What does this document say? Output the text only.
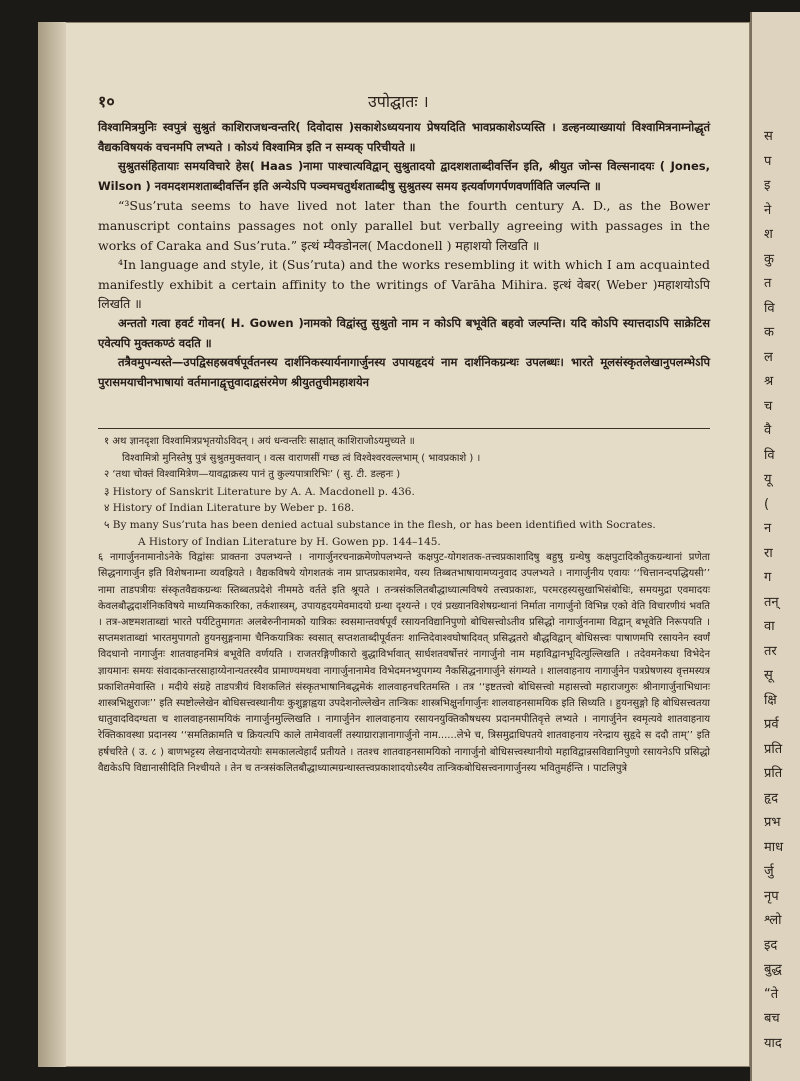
स
प
इ
ने
श
कु
त
वि
क
ल
श्र
च
वै
वि
यू
(
न
रा
ग
तन्
वा
तर
सू
क्षि
प्रर्व
प्रति
प्रति
हृद
प्रभ
माध
र्जु
नृप
श्लो
इद
बुद्ध
“ते
बच
याद
१०	उपोद्घातः ।

विश्वामित्रमुनिः स्वपुत्रं सुश्रुतं काशिराजधन्वन्तरि( दिवोदास )सकाशेऽध्ययनाय प्रेषयदिति भावप्रकाशेऽप्यस्ति । डल्हनव्याख्यायां विश्वामित्रनाम्नोद्धृतं वैद्यकविषयकं वचनमपि लभ्यते । कोऽयं विश्वामित्र इति न सम्यक् परिचीयते ॥

सुश्रुतसंहितायाः समयविचारे हेस( Haas )नामा पाश्चात्यविद्वान् सुश्रुतादयो द्वादशशताब्दीवर्त्तिन इति, श्रीयुत जोन्स विल्सनादयः ( Jones, Wilson ) नवमदशमशताब्दीवर्त्तिन इति अन्येऽपि पञ्चमचतुर्थशताब्दीषु सुश्रुतस्य समय इत्यर्वाणगर्पणवर्णाविति जल्पन्ति ॥

“³Sus’ruta seems to have lived not later than the fourth century A. D., as the Bower manuscript contains passages not only parallel but verbally agreeing with passages in the works of Caraka and Sus’ruta.” इत्थं म्यैक्डोनल( Macdonell ) महाशयो लिखति ॥

⁴In language and style, it (Sus’ruta) and the works resembling it with which I am acquainted manifestly exhibit a certain affinity to the writings of Varāha Mihira. इत्थं वेबर( Weber )महाशयोऽपि लिखति ॥

अन्ततो गत्वा हवर्ट गोवन( H. Gowen )नामको विद्वांस्तु सुश्रुतो नाम न कोऽपि बभूवेति बहवो जल्पन्ति। यदि कोऽपि स्यात्तदाऽपि साक्रेटिस एवेत्यपि मुक्तकण्ठं वदति ॥

तत्रैवमुपन्यस्ते—उपद्विसहस्रवर्षपूर्वतनस्य दार्शनिकस्यार्यनागार्जुनस्य उपायहृदयं नाम दार्शनिकग्रन्थः उपलब्धः। भारते मूलसंस्कृतलेखानुपलम्भेऽपि पुरासमयाचीनभाषायां वर्तमानाद्वृत्तुवादाद्वसंरमेण श्रीयुततुचीमहाशयेन

१ अथ ज्ञानदृशा विश्वामित्रप्रभृतयोऽविदन् । अयं धन्वन्तरिः साक्षात् काशिराजोऽयमुच्यते ॥

विश्वामित्रो मुनिस्तेषु पुत्रं सुश्रुतमुक्तवान् । वत्स वाराणसीं गच्छ त्वं विश्वेश्वरवल्लभाम् ( भावप्रकाशे ) ।

२ ‘तथा चोक्तं विश्वामित्रेण—यावद्वाक्रस्य पानं तु कुल्यपात्रारिभिः’ ( सु. टी. डल्हनः )

३ History of Sanskrit Literature by A. A. Macdonell p. 436.

४ History of Indian Literature by Weber p. 168.

५ By many Sus’ruta has been denied actual substance in the flesh, or has been identified with Socrates.

A History of Indian Literature by H. Gowen pp. 144–145.

६ नागार्जुननामानोऽनेके विद्वांसः प्राक्तना उपलभ्यन्ते । नागार्जुनरचनाक्रमेणोपलभ्यन्ते कक्षपुट-योगशतक-तत्त्वप्रकाशादिषु बहुषु ग्रन्थेषु कक्षपुटादिकौतुकग्रन्थानां प्रणेता सिद्धनागार्जुन इति विशेषनाम्ना व्यवह्रियते । वैद्यकविषये योगशतकं नाम प्राप्तप्रकाशमेव, यस्य तिब्बतभाषायामप्यनुवाद उपलभ्यते । नागार्जुनीय एवायः ‘‘चित्तानन्दपद्धियसी’’ नामा ताडपत्रीयः संस्कृतवैद्यकग्रन्थः स्तिब्बतप्रदेशे नीममठे वर्तते इति श्रूयते । तन्त्रसंकलितबौद्धाध्यात्मविषये तत्त्वप्रकाशः, परमरहस्यसुखाभिसंबोधिः, समयमुद्रा एवमादयः केवलबौद्धदार्शनिकविषये माध्यमिककारिका, तर्कशास्त्रम्, उपायहृदयमेवमादयो ग्रन्था दृश्यन्ते । एवं प्रख्यानविशेषग्रन्थानां निर्माता नागार्जुनो विभिन्न एको वेति विचारणीयं भवति । तत्र-अष्टमशताब्द्यां भारते पर्यटितुमागतः अलबेरुनीनामको यात्रिकः स्वसमान्तवर्षपूर्वं रसायनविद्यानिपुणो बोधिसत्त्वोऽतीव प्रसिद्धो नागार्जुननामा विद्वान् बभूवेति निरूपयति । सप्तमशताब्द्यां भारतमुपागतो हुयनसुङ्गनामा चैनिकयात्रिकः स्वसात् सप्तशताब्दीपूर्वतनः शान्तिदेवाश्वघोषादिवत् प्रसिद्धतरो बौद्धविद्वान् बोधिसत्त्वः पाषाणमपि रसायनेन स्वर्णं विदधानो नागार्जुनः शातवाहनमित्रं बभूवेति वर्णयति । राजतरङ्गिणीकारो बुद्धाविर्भावात् सार्धशतवर्षोत्तरं नागार्जुनो नाम महाविद्वानभूदित्युल्लिखति । तदेवमनेकधा विभेदेन ज्ञायमानः समयः संवादकान्तरसाहाय्येनान्यतरस्यैव प्रामाण्यमथवा नागार्जुनानामेव विभेदमनभ्युपगम्य नैकसिद्धनागार्जुने संगम्यते । शालवाहनाय नागार्जुनेन पत्रप्रेषणस्य वृत्तमस्यत्र प्रकाशितमेवास्ति । मदीये संग्रहे ताडपत्रीयं विशकलितं संस्कृतभाषानिबद्धमेकं शालवाहनचरितमस्ति । तत्र ‘‘इष्टतत्त्वो बोधिसत्त्वो महासत्त्वो महाराजगुरुः श्रीनागार्जुनाभिधानः शास्त्रभिक्षुराजः’’ इति स्पष्टोल्लेखेन बोधिसत्त्वस्थानीयः कुशुङ्गाह्वया उपदेशनोल्लेखेन तान्त्रिकः शास्त्रभिक्षुर्नागार्जुनः शालवाहनसामयिक इति सिध्यति । हुयनसुङ्गो हि बोधिसत्त्वतया धातुवादविदग्धता च शालवाहनसामयिकं नागार्जुनमुल्लिखति । नागार्जुनेन शालवाहनाय रसायनयुक्तिकौषधस्य प्रदानमपीतिवृत्ते लभ्यते । नागार्जुनेन स्वमृत्यवे शातवाहनाय रेक्तिकावस्था प्रदानस्य ‘‘समतिक्रामति च क्रियत्यपि काले तामेवावलीं तस्याग्राराज्ञानागार्जुनो नाम......लेभे च, त्रिसमुद्राधिपतये शातवाहनाय नरेन्द्राय सुहृदे स ददौ ताम्’’ इति हर्षचरिते ( उ. ८ ) बाणभट्टस्य लेखनादप्येतयोः समकालत्वेहार्दं प्रतीयते । ततश्च शातवाहनसामयिको नागार्जुनो बोधिसत्त्वस्थानीयो महाविद्वान्रसविद्यानिपुणो रसायनेऽपि प्रसिद्धो वैद्यकेऽपि विद्यानासीदिति निश्चीयते । तेन च तन्त्रसंकलितबौद्धाध्यात्मग्रन्थास्तत्त्वप्रकाशादयोऽस्यैव तान्त्रिकबोधिसत्त्वनागार्जुनस्य भवितुमर्हन्ति । पाटलिपुत्रे
